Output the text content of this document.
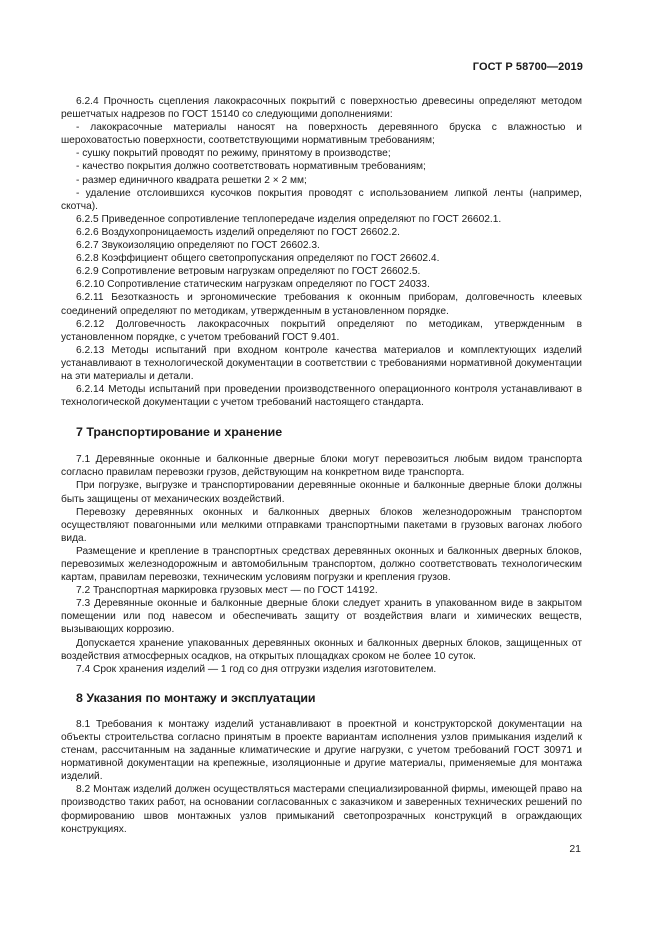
ГОСТ Р 58700—2019

6.2.4 Прочность сцепления лакокрасочных покрытий с поверхностью древесины определяют методом решетчатых надрезов по ГОСТ 15140 со следующими дополнениями:

- лакокрасочные материалы наносят на поверхность деревянного бруска с влажностью и шероховатостью поверхности, соответствующими нормативным требованиям;

- сушку покрытий проводят по режиму, принятому в производстве;

- качество покрытия должно соответствовать нормативным требованиям;

- размер единичного квадрата решетки 2 × 2 мм;

- удаление отслоившихся кусочков покрытия проводят с использованием липкой ленты (например, скотча).

6.2.5 Приведенное сопротивление теплопередаче изделия определяют по ГОСТ 26602.1.

6.2.6 Воздухопроницаемость изделий определяют по ГОСТ 26602.2.

6.2.7 Звукоизоляцию определяют по ГОСТ 26602.3.

6.2.8 Коэффициент общего светопропускания определяют по ГОСТ 26602.4.

6.2.9 Сопротивление ветровым нагрузкам определяют по ГОСТ 26602.5.

6.2.10 Сопротивление статическим нагрузкам определяют по ГОСТ 24033.

6.2.11 Безотказность и эргономические требования к оконным приборам, долговечность клеевых соединений определяют по методикам, утвержденным в установленном порядке.

6.2.12 Долговечность лакокрасочных покрытий определяют по методикам, утвержденным в установленном порядке, с учетом требований ГОСТ 9.401.

6.2.13 Методы испытаний при входном контроле качества материалов и комплектующих изделий устанавливают в технологической документации в соответствии с требованиями нормативной документации на эти материалы и детали.

6.2.14 Методы испытаний при проведении производственного операционного контроля устанавливают в технологической документации с учетом требований настоящего стандарта.

7 Транспортирование и хранение

7.1 Деревянные оконные и балконные дверные блоки могут перевозиться любым видом транспорта согласно правилам перевозки грузов, действующим на конкретном виде транспорта.

При погрузке, выгрузке и транспортировании деревянные оконные и балконные дверные блоки должны быть защищены от механических воздействий.

Перевозку деревянных оконных и балконных дверных блоков железнодорожным транспортом осуществляют повагонными или мелкими отправками транспортными пакетами в грузовых вагонах любого вида.

Размещение и крепление в транспортных средствах деревянных оконных и балконных дверных блоков, перевозимых железнодорожным и автомобильным транспортом, должно соответствовать технологическим картам, правилам перевозки, техническим условиям погрузки и крепления грузов.

7.2 Транспортная маркировка грузовых мест — по ГОСТ 14192.

7.3 Деревянные оконные и балконные дверные блоки следует хранить в упакованном виде в закрытом помещении или под навесом и обеспечивать защиту от воздействия влаги и химических веществ, вызывающих коррозию.

Допускается хранение упакованных деревянных оконных и балконных дверных блоков, защищенных от воздействия атмосферных осадков, на открытых площадках сроком не более 10 суток.

7.4 Срок хранения изделий — 1 год со дня отгрузки изделия изготовителем.

8 Указания по монтажу и эксплуатации

8.1 Требования к монтажу изделий устанавливают в проектной и конструкторской документации на объекты строительства согласно принятым в проекте вариантам исполнения узлов примыкания изделий к стенам, рассчитанным на заданные климатические и другие нагрузки, с учетом требований ГОСТ 30971 и нормативной документации на крепежные, изоляционные и другие материалы, применяемые для монтажа изделий.

8.2 Монтаж изделий должен осуществляться мастерами специализированной фирмы, имеющей право на производство таких работ, на основании согласованных с заказчиком и заверенных технических решений по формированию швов монтажных узлов примыканий светопрозрачных конструкций в ограждающих конструкциях.

21
